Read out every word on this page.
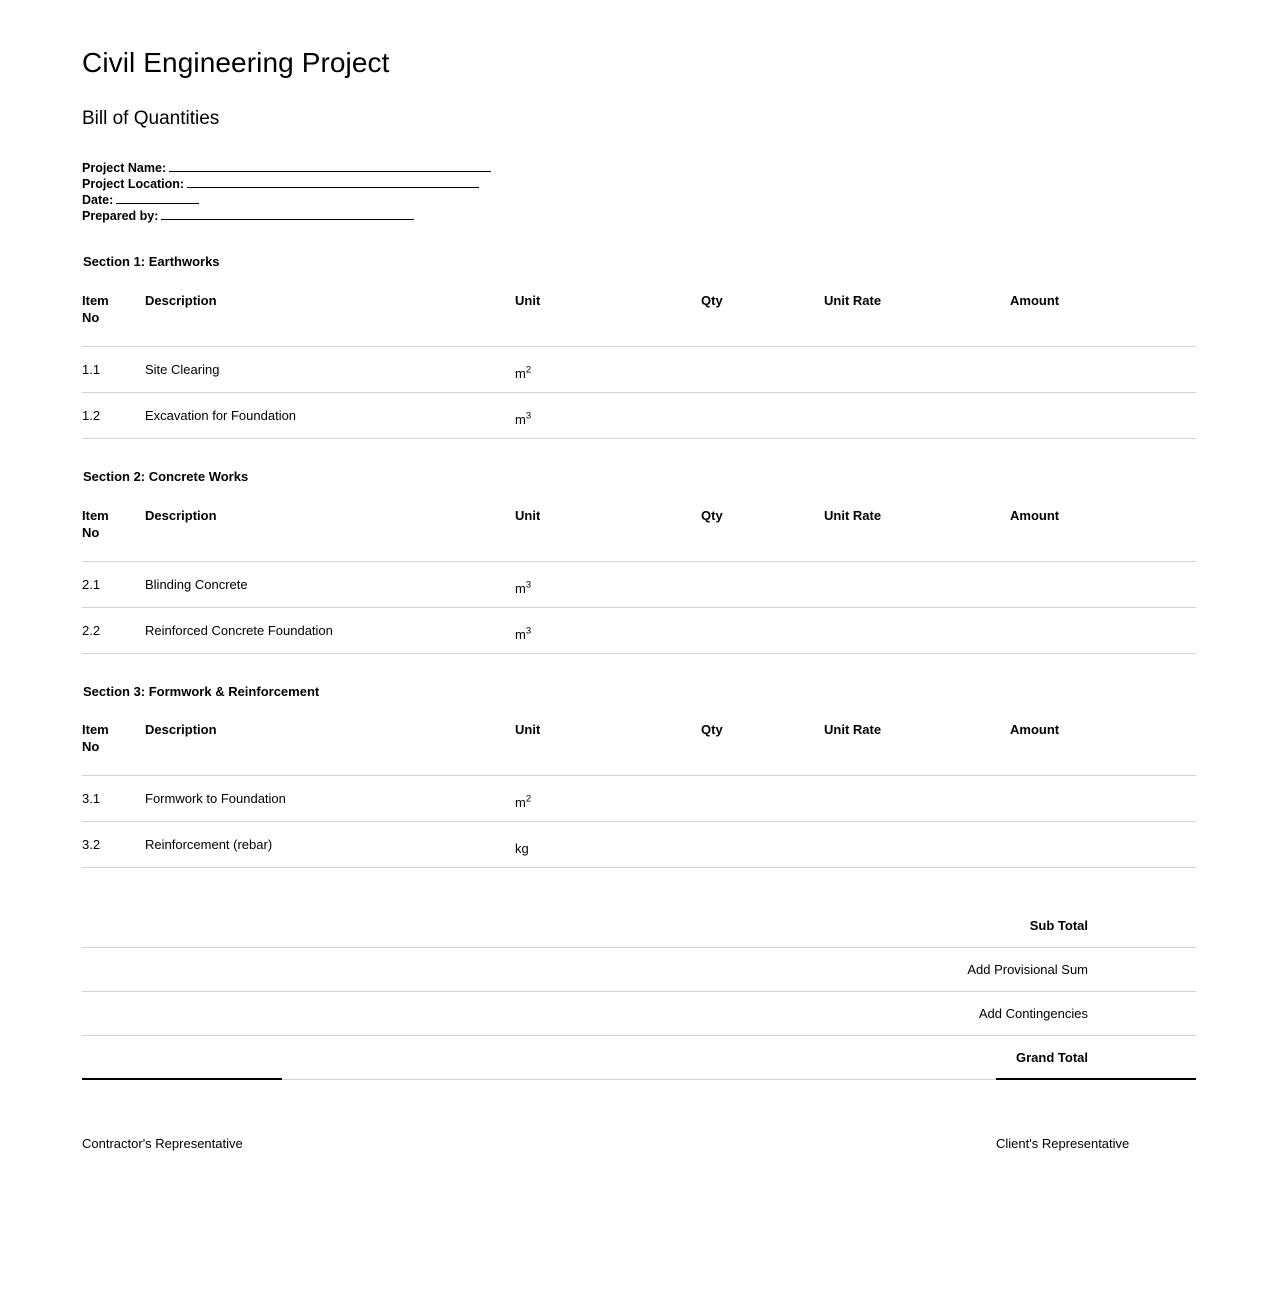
Civil Engineering Project
Bill of Quantities
Project Name:
Project Location:
Date:
Prepared by:
Section 1: Earthworks
Item
No	Description	Unit	Qty	Unit Rate	Amount
1.1	Site Clearing	$m^2$			
1.2	Excavation for Foundation	$m^3$			
Section 2: Concrete Works
Item
No	Description	Unit	Qty	Unit Rate	Amount
2.1	Blinding Concrete	$m^3$			
2.2	Reinforced Concrete Foundation	$m^3$			
Section 3: Formwork & Reinforcement
Item
No	Description	Unit	Qty	Unit Rate	Amount
3.1	Formwork to Foundation	$m^2$			
3.2	Reinforcement (rebar)	kg			
Sub Total	
Add Provisional Sum	
Add Contingencies	
Grand Total	
Contractor's Representative	Client's Representative
